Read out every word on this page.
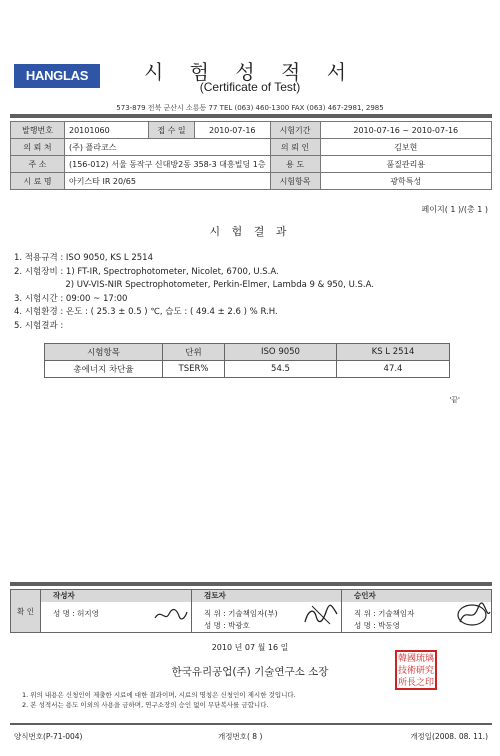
HANGLAS	시 험 성 적 서
(Certificate of Test)
573-879 전북 군산시 소룡동 77 TEL (063) 460-1300 FAX (063) 467-2981, 2985
발행번호	20101060	접 수 일	2010-07-16	시험기간	2010-07-16 ~ 2010-07-16
의 뢰 처	(주) 플라코스			의 뢰 인	김보현
주 소	(156-012) 서울 동작구 신대방2동 358-3 대흥빌딩 1층			용 도	품질관리용
시 료 명	아키스타 IR 20/65			시험항목	광학특성
페이지( 1 )/(총 1 )
시 험 결 과
1. 적용규격 : ISO 9050, KS L 2514
2. 시험장비 : 1) FT-IR, Spectrophotometer, Nicolet, 6700, U.S.A.
2) UV-VIS-NIR Spectrophotometer, Perkin-Elmer, Lambda 9 & 950, U.S.A.
3. 시험시간 : 09:00 ~ 17:00
4. 시험환경 : 온도 : ( 25.3 ± 0.5 ) ℃, 습도 : ( 49.4 ± 2.6 ) % R.H.
5. 시험결과 :
시험항목	단위	ISO 9050	KS L 2514
총에너지 차단율	TSER%	54.5	47.4
'끝'
확 인	
작성자
성 명 : 허지영

검토자
직 위 : 기술책임자(부)
성 명 : 박광호

승인자
직 위 : 기술책임자
성 명 : 박동영
2010 년 07 월 16 일
한국유리공업(주) 기술연구소 소장
韓國琉璃
技術研究
所長之印
1. 위의 내용은 신청인이 제출한 시료에 대한 결과이며, 시료의 명칭은 신청인이 제시한 것입니다.
2. 본 성적서는 용도 이외의 사용을 금하며, 연구소장의 승인 없이 무단복사를 금합니다.
양식번호(P-71-004)	개정번호( 8 )	개정일(2008. 08. 11.)
